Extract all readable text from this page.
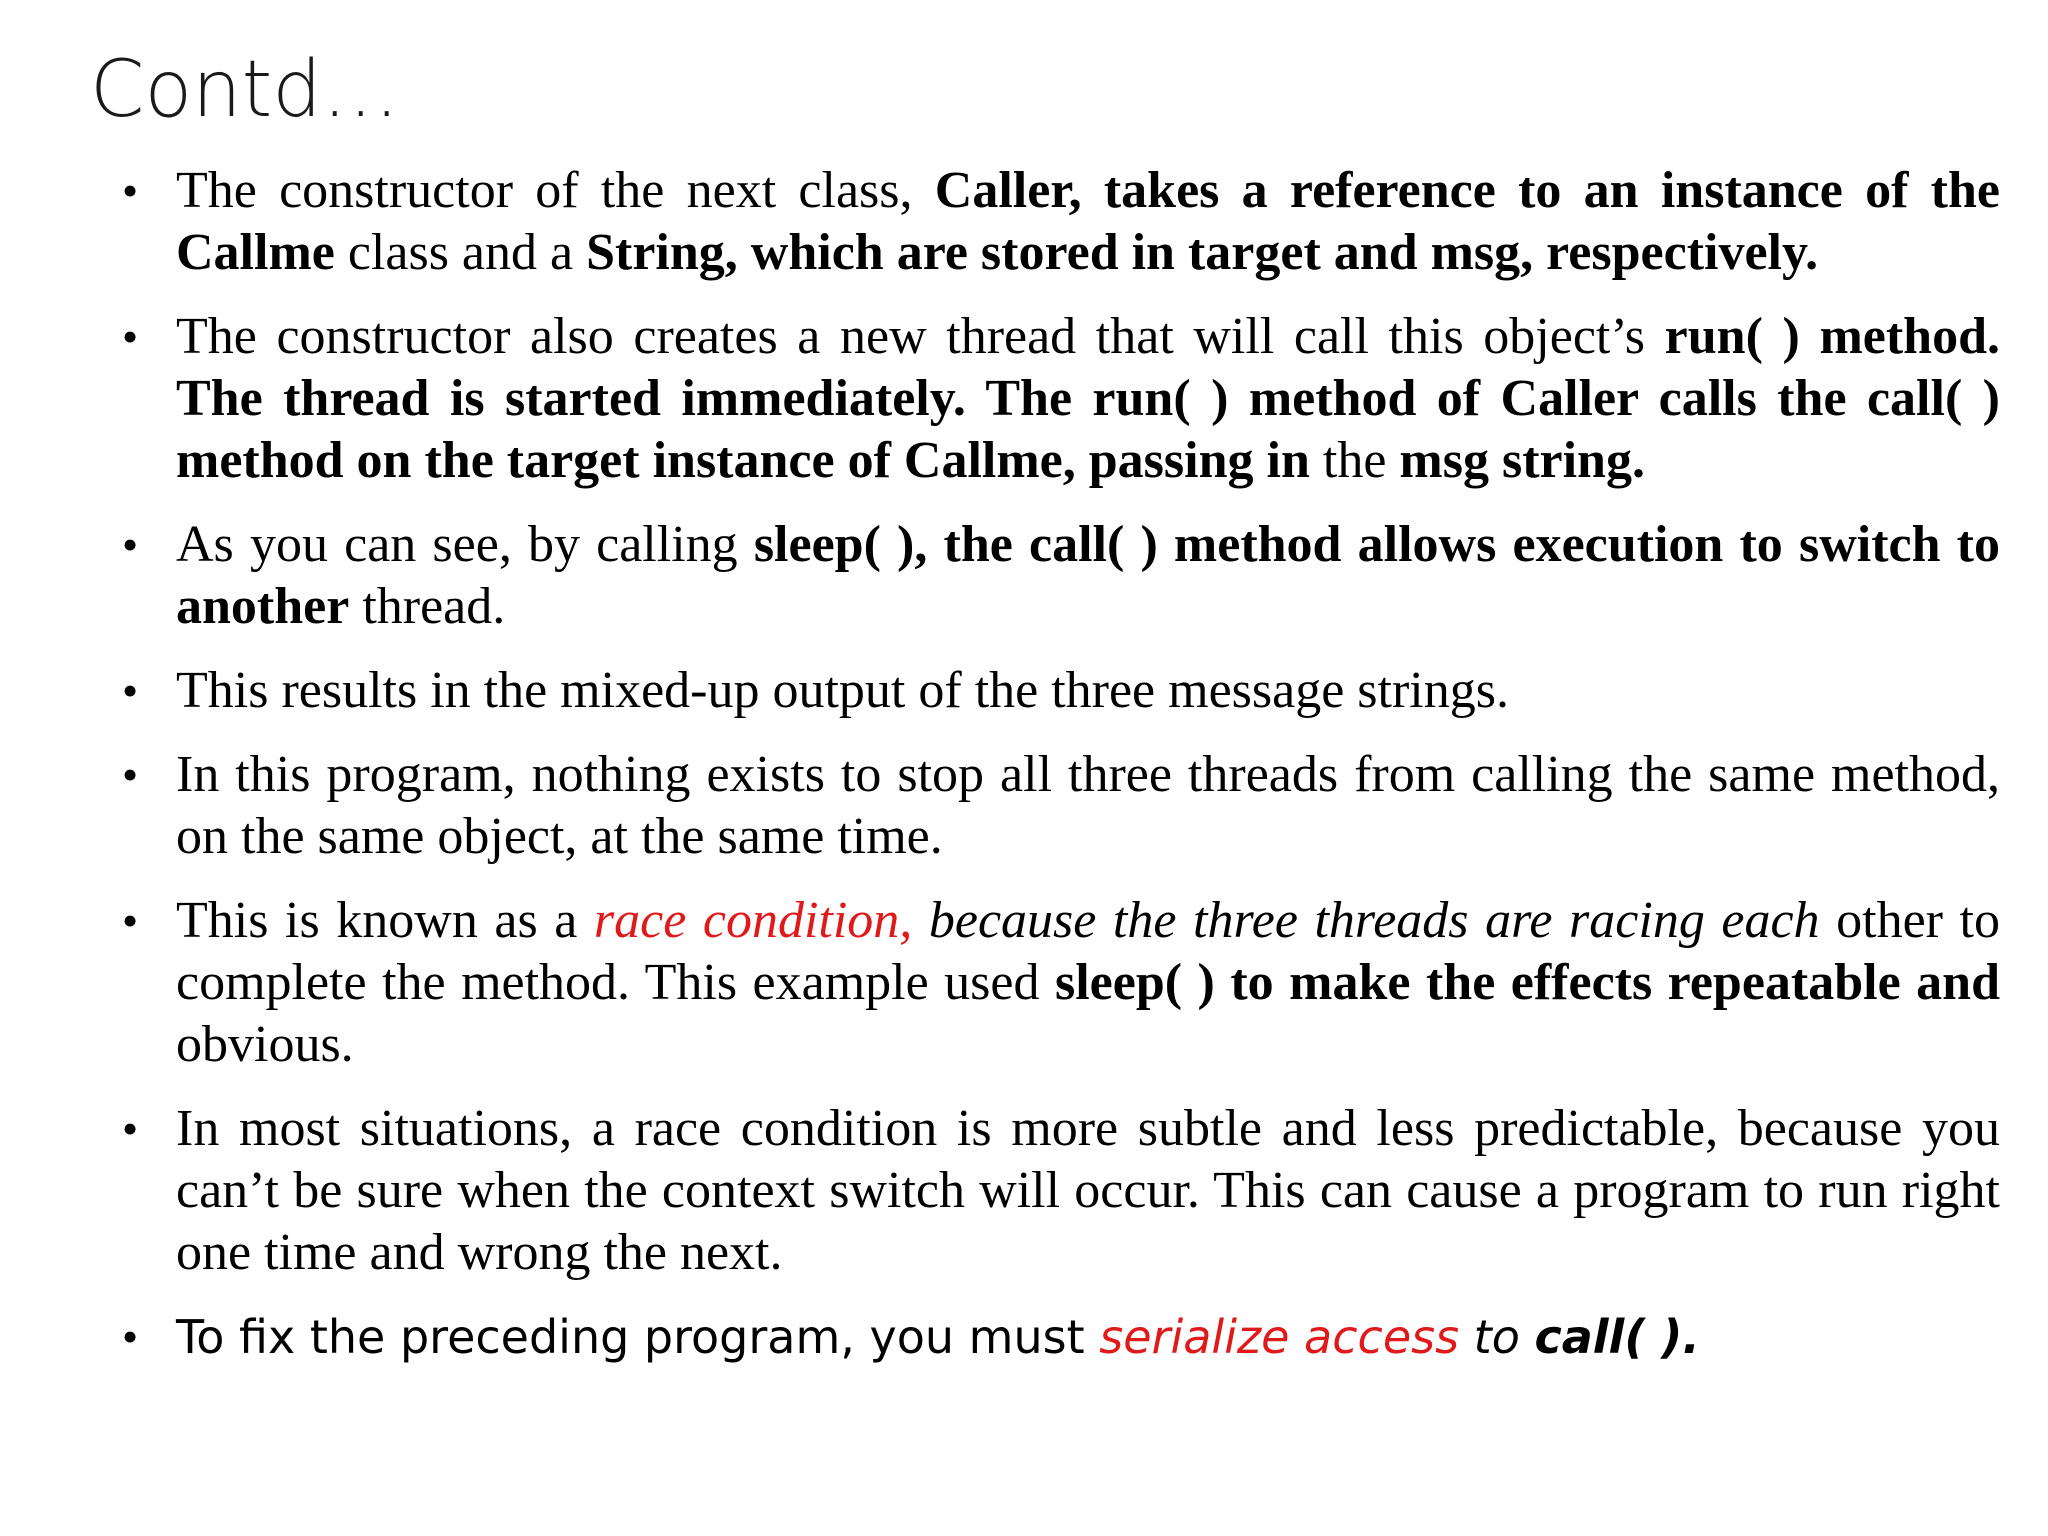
Contd…
• The constructor of the next class, Caller, takes a reference to an instance of the Callme class and a String, which are stored in target and msg, respectively.
• The constructor also creates a new thread that will call this object’s run( ) method. The thread is started immediately. The run( ) method of Caller calls the call( ) method on the target instance of Callme, passing in the msg string.
• As you can see, by calling sleep( ), the call( ) method allows execution to switch to another thread.
• This results in the mixed-up output of the three message strings.
• In this program, nothing exists to stop all three threads from calling the same method, on the same object, at the same time.
• This is known as a race condition, because the three threads are racing each other to complete the method. This example used sleep( ) to make the effects repeatable and obvious.
• In most situations, a race condition is more subtle and less predictable, because you can’t be sure when the context switch will occur. This can cause a program to run right one time and wrong the next.
• To fix the preceding program, you must serialize access to call( ).
